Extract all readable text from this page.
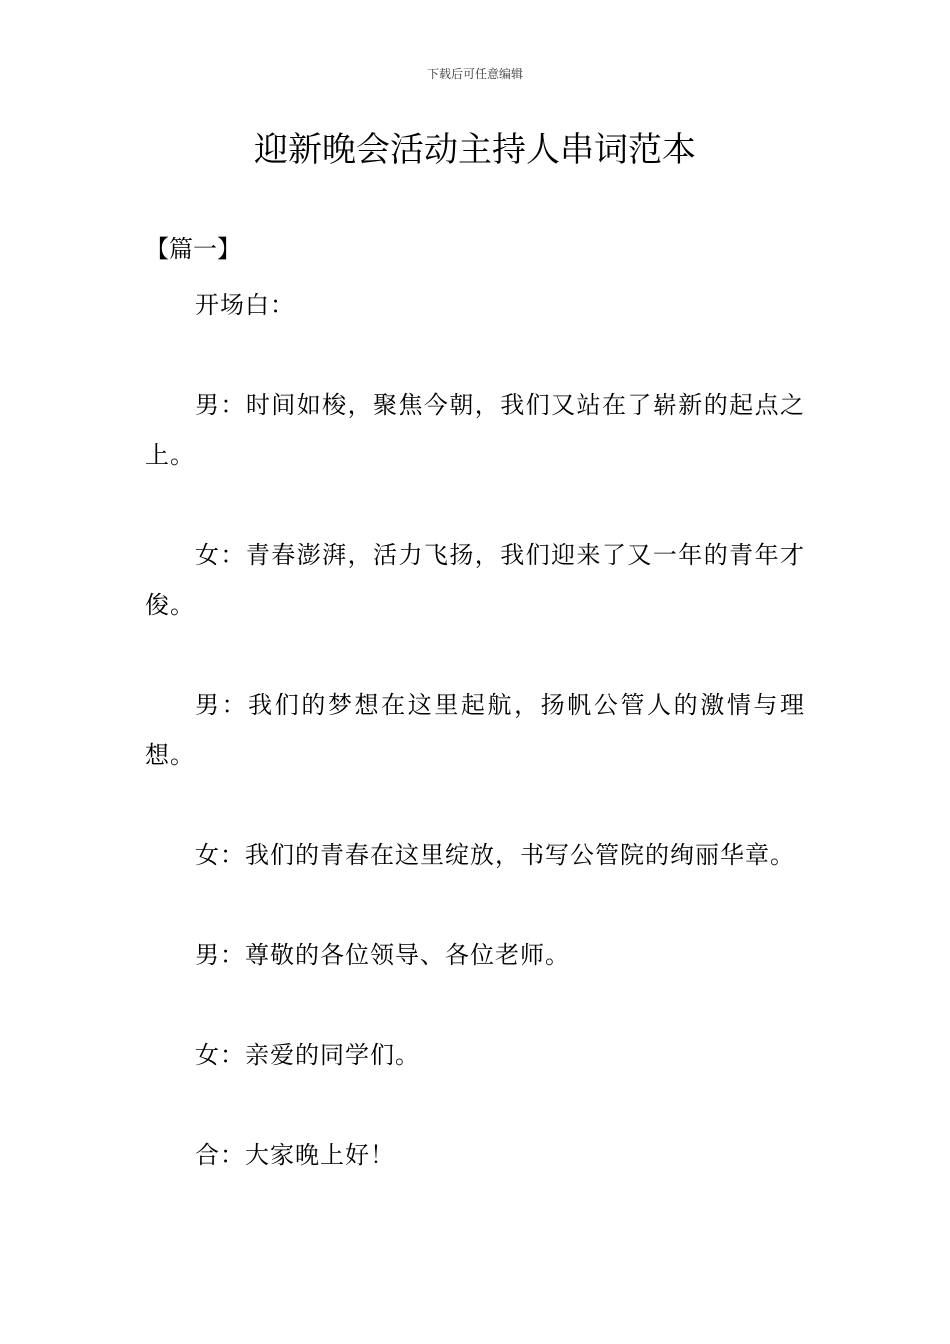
下载后可任意编辑
迎新晚会活动主持人串词范本
【篇一】

开场白：

男：时间如梭，聚焦今朝，我们又站在了崭新的起点之上。

女：青春澎湃，活力飞扬，我们迎来了又一年的青年才俊。

男：我们的梦想在这里起航，扬帆公管人的激情与理想。

女：我们的青春在这里绽放，书写公管院的绚丽华章。

男：尊敬的各位领导、各位老师。

女：亲爱的同学们。

合：大家晚上好！
